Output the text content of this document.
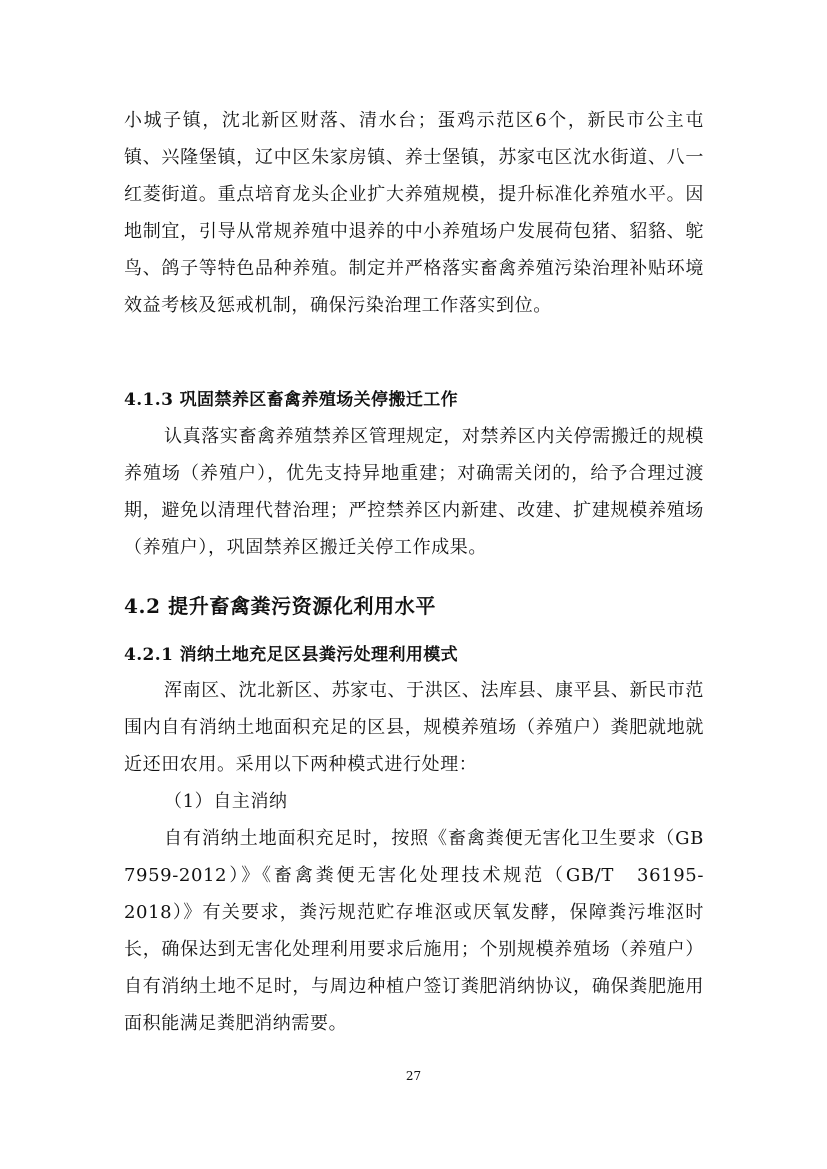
小城子镇，沈北新区财落、清水台；蛋鸡示范区6个，新民市公主屯镇、兴隆堡镇，辽中区朱家房镇、养士堡镇，苏家屯区沈水街道、八一红菱街道。重点培育龙头企业扩大养殖规模，提升标准化养殖水平。因地制宜，引导从常规养殖中退养的中小养殖场户发展荷包猪、貂貉、鸵鸟、鸽子等特色品种养殖。制定并严格落实畜禽养殖污染治理补贴环境效益考核及惩戒机制，确保污染治理工作落实到位。
4.1.3 巩固禁养区畜禽养殖场关停搬迁工作
认真落实畜禽养殖禁养区管理规定，对禁养区内关停需搬迁的规模养殖场（养殖户），优先支持异地重建；对确需关闭的，给予合理过渡期，避免以清理代替治理；严控禁养区内新建、改建、扩建规模养殖场（养殖户），巩固禁养区搬迁关停工作成果。
4.2 提升畜禽粪污资源化利用水平
4.2.1 消纳土地充足区县粪污处理利用模式
浑南区、沈北新区、苏家屯、于洪区、法库县、康平县、新民市范围内自有消纳土地面积充足的区县，规模养殖场（养殖户）粪肥就地就近还田农用。采用以下两种模式进行处理：
（1）自主消纳
自有消纳土地面积充足时，按照《畜禽粪便无害化卫生要求（GB　7959-2012）》《畜禽粪便无害化处理技术规范（GB/T　36195-2018）》有关要求，粪污规范贮存堆沤或厌氧发酵，保障粪污堆沤时长，确保达到无害化处理利用要求后施用；个别规模养殖场（养殖户）自有消纳土地不足时，与周边种植户签订粪肥消纳协议，确保粪肥施用面积能满足粪肥消纳需要。
27
